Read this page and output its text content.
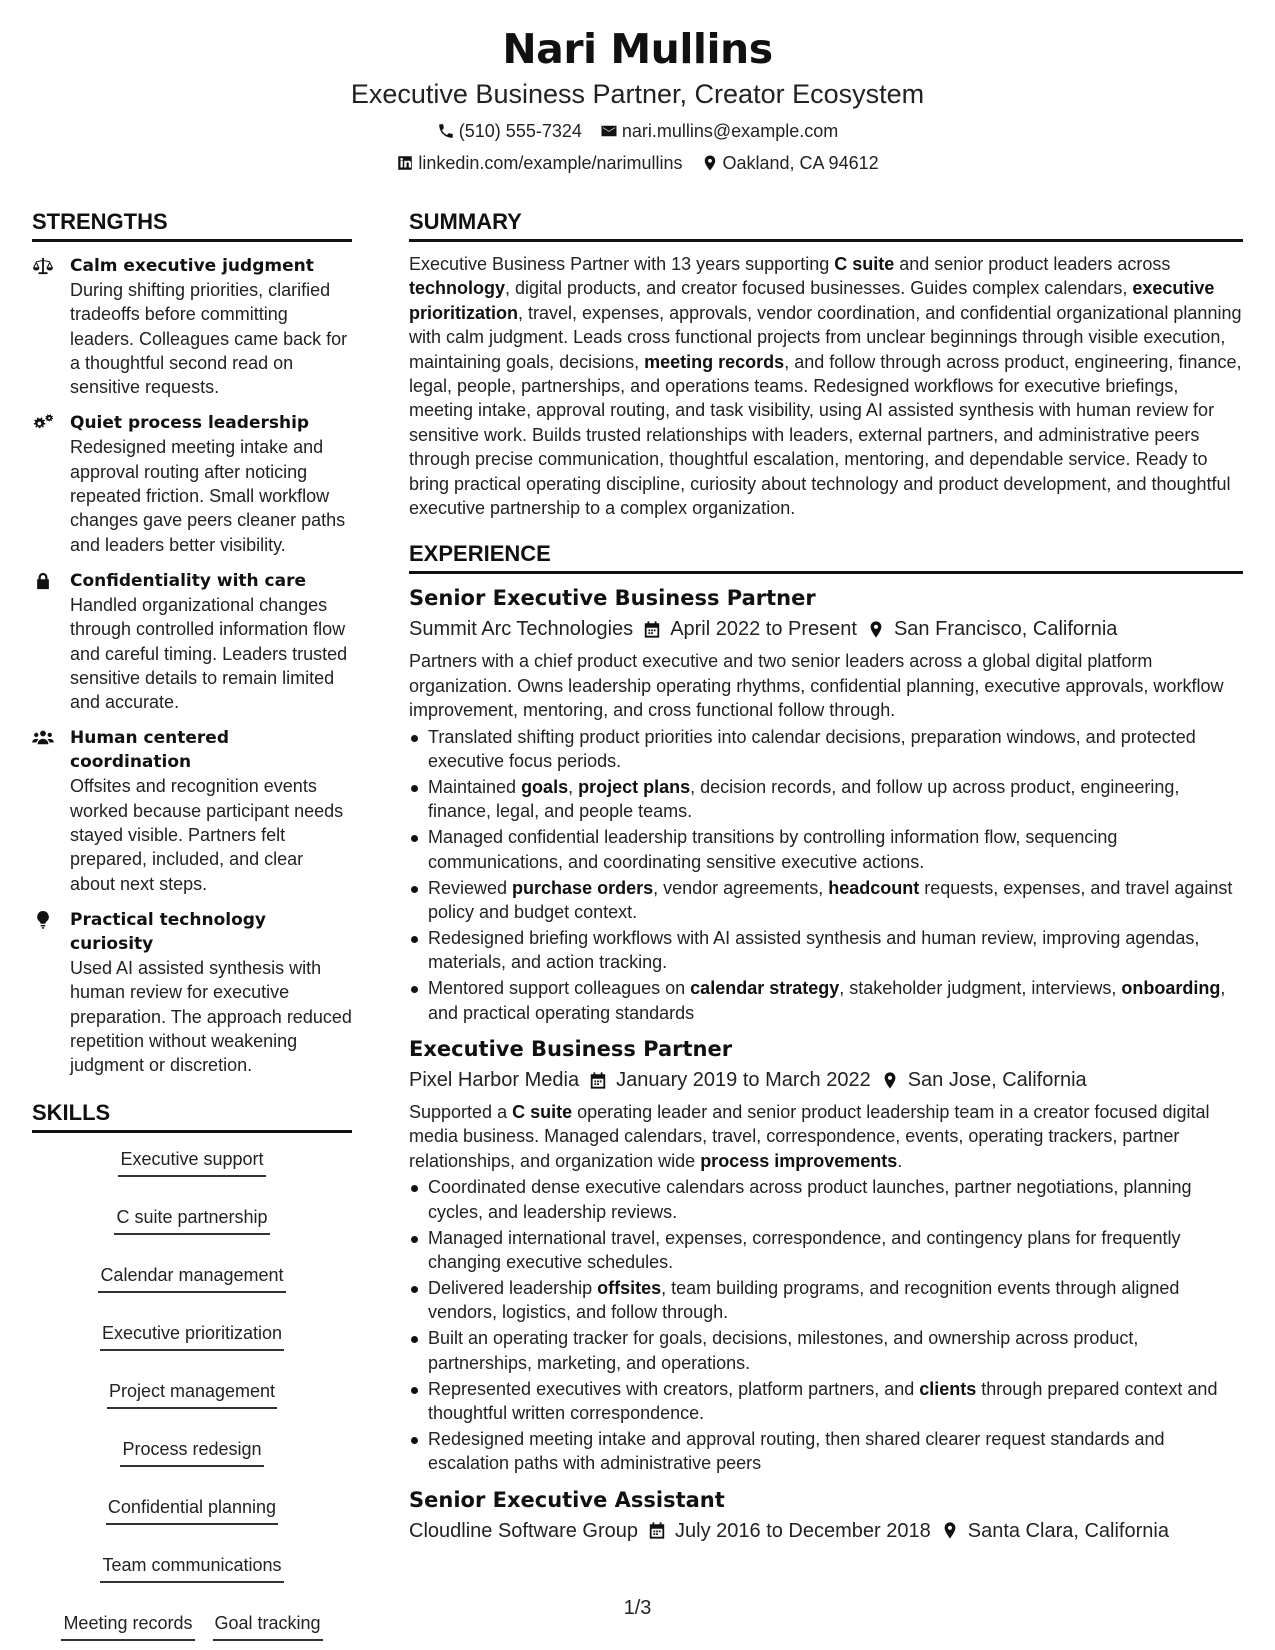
Nari Mullins
Executive Business Partner, Creator Ecosystem
(510) 555-7324 nari.mullins@example.com
linkedin.com/example/narimullins Oakland, CA 94612
STRENGTHS
Calm executive judgment
During shifting priorities, clarified tradeoffs before committing leaders. Colleagues came back for a thoughtful second read on sensitive requests.
Quiet process leadership
Redesigned meeting intake and approval routing after noticing repeated friction. Small workflow changes gave peers cleaner paths and leaders better visibility.
Confidentiality with care
Handled organizational changes through controlled information flow and careful timing. Leaders trusted sensitive details to remain limited and accurate.
Human centered coordination
Offsites and recognition events worked because participant needs stayed visible. Partners felt prepared, included, and clear about next steps.
Practical technology curiosity
Used AI assisted synthesis with human review for executive preparation. The approach reduced repetition without weakening judgment or discretion.
SKILLS
Executive support
C suite partnership
Calendar management
Executive prioritization
Project management
Process redesign
Confidential planning
Team communications
Meeting records Goal tracking
SUMMARY
Executive Business Partner with 13 years supporting C suite and senior product leaders across technology, digital products, and creator focused businesses. Guides complex calendars, executive prioritization, travel, expenses, approvals, vendor coordination, and confidential organizational planning with calm judgment. Leads cross functional projects from unclear beginnings through visible execution, maintaining goals, decisions, meeting records, and follow through across product, engineering, finance, legal, people, partnerships, and operations teams. Redesigned workflows for executive briefings, meeting intake, approval routing, and task visibility, using AI assisted synthesis with human review for sensitive work. Builds trusted relationships with leaders, external partners, and administrative peers through precise communication, thoughtful escalation, mentoring, and dependable service. Ready to bring practical operating discipline, curiosity about technology and product development, and thoughtful executive partnership to a complex organization.
EXPERIENCE
Senior Executive Business Partner
Summit Arc Technologies April 2022 to Present San Francisco, California
Partners with a chief product executive and two senior leaders across a global digital platform organization. Owns leadership operating rhythms, confidential planning, executive approvals, workflow improvement, mentoring, and cross functional follow through.
Translated shifting product priorities into calendar decisions, preparation windows, and protected executive focus periods.
Maintained goals, project plans, decision records, and follow up across product, engineering, finance, legal, and people teams.
Managed confidential leadership transitions by controlling information flow, sequencing communications, and coordinating sensitive executive actions.
Reviewed purchase orders, vendor agreements, headcount requests, expenses, and travel against policy and budget context.
Redesigned briefing workflows with AI assisted synthesis and human review, improving agendas, materials, and action tracking.
Mentored support colleagues on calendar strategy, stakeholder judgment, interviews, onboarding, and practical operating standards
Executive Business Partner
Pixel Harbor Media January 2019 to March 2022 San Jose, California
Supported a C suite operating leader and senior product leadership team in a creator focused digital media business. Managed calendars, travel, correspondence, events, operating trackers, partner relationships, and organization wide process improvements.
Coordinated dense executive calendars across product launches, partner negotiations, planning cycles, and leadership reviews.
Managed international travel, expenses, correspondence, and contingency plans for frequently changing executive schedules.
Delivered leadership offsites, team building programs, and recognition events through aligned vendors, logistics, and follow through.
Built an operating tracker for goals, decisions, milestones, and ownership across product, partnerships, marketing, and operations.
Represented executives with creators, platform partners, and clients through prepared context and thoughtful written correspondence.
Redesigned meeting intake and approval routing, then shared clearer request standards and escalation paths with administrative peers
Senior Executive Assistant
Cloudline Software Group July 2016 to December 2018 Santa Clara, California
1/3
